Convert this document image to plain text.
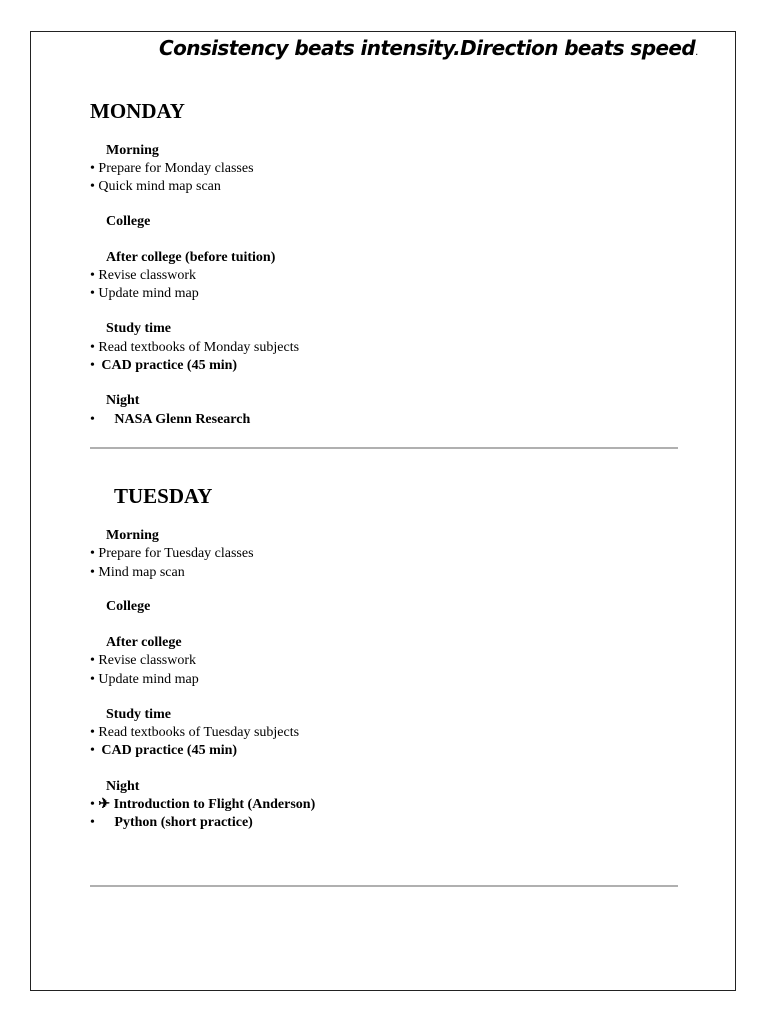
Consistency beats intensity.Direction beats speed.
MONDAY
Morning
• Prepare for Monday classes
• Quick mind map scan
College
After college (before tuition)
• Revise classwork
• Update mind map
Study time
• Read textbooks of Monday subjects
• CAD practice (45 min)
Night
• NASA Glenn Research
TUESDAY
Morning
• Prepare for Tuesday classes
• Mind map scan
College
After college
• Revise classwork
• Update mind map
Study time
• Read textbooks of Tuesday subjects
• CAD practice (45 min)
Night
• ✈ Introduction to Flight (Anderson)
• Python (short practice)
